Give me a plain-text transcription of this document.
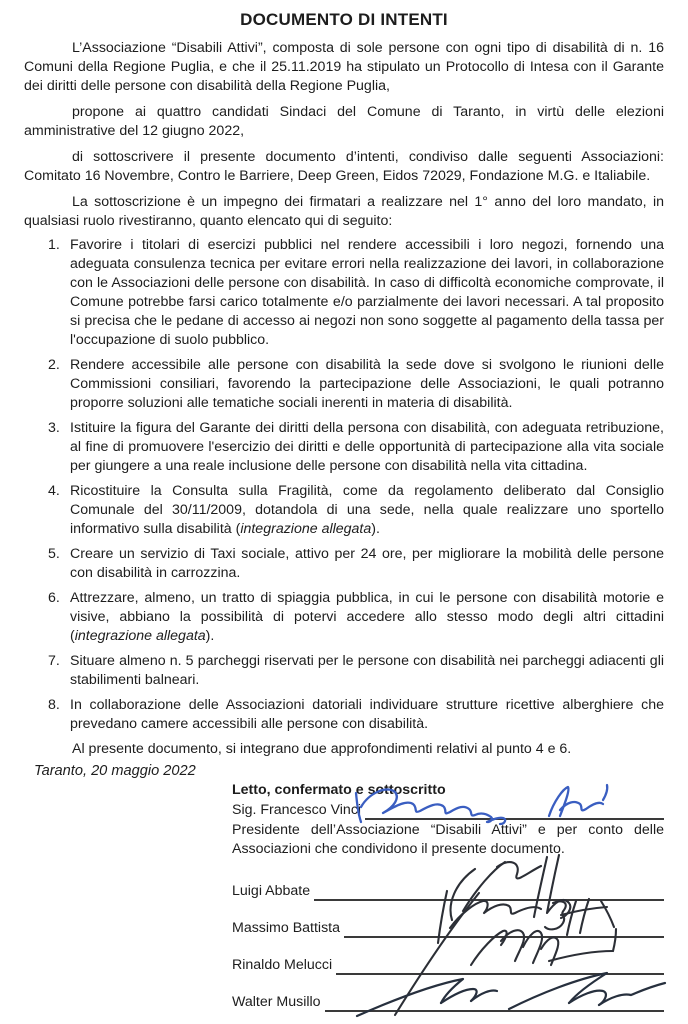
DOCUMENTO DI INTENTI

L’Associazione “Disabili Attivi”, composta di sole persone con ogni tipo di disabilità di n. 16 Comuni della Regione Puglia, e che il 25.11.2019 ha stipulato un Protocollo di Intesa con il Garante dei diritti delle persone con disabilità della Regione Puglia,

propone ai quattro candidati Sindaci del Comune di Taranto, in virtù delle elezioni amministrative del 12 giugno 2022,

di sottoscrivere il presente documento d’intenti, condiviso dalle seguenti Associazioni: Comitato 16 Novembre, Contro le Barriere, Deep Green, Eidos 72029, Fondazione M.G. e Italiabile.

La sottoscrizione è un impegno dei firmatari a realizzare nel 1° anno del loro mandato, in qualsiasi ruolo rivestiranno, quanto elencato qui di seguito:

1. Favorire i titolari di esercizi pubblici nel rendere accessibili i loro negozi, fornendo una adeguata consulenza tecnica per evitare errori nella realizzazione dei lavori, in collaborazione con le Associazioni delle persone con disabilità. In caso di difficoltà economiche comprovate, il Comune potrebbe farsi carico totalmente e/o parzialmente dei lavori necessari. A tal proposito si precisa che le pedane di accesso ai negozi non sono soggette al pagamento della tassa per l'occupazione di suolo pubblico.
2. Rendere accessibile alle persone con disabilità la sede dove si svolgono le riunioni delle Commissioni consiliari, favorendo la partecipazione delle Associazioni, le quali potranno proporre soluzioni alle tematiche sociali inerenti in materia di disabilità.
3. Istituire la figura del Garante dei diritti della persona con disabilità, con adeguata retribuzione, al fine di promuovere l'esercizio dei diritti e delle opportunità di partecipazione alla vita sociale per giungere a una reale inclusione delle persone con disabilità nella vita cittadina.
4. Ricostituire la Consulta sulla Fragilità, come da regolamento deliberato dal Consiglio Comunale del 30/11/2009, dotandola di una sede, nella quale realizzare uno sportello informativo sulla disabilità (integrazione allegata).
5. Creare un servizio di Taxi sociale, attivo per 24 ore, per migliorare la mobilità delle persone con disabilità in carrozzina.
6. Attrezzare, almeno, un tratto di spiaggia pubblica, in cui le persone con disabilità motorie e visive, abbiano la possibilità di potervi accedere allo stesso modo degli altri cittadini (integrazione allegata).
7. Situare almeno n. 5 parcheggi riservati per le persone con disabilità nei parcheggi adiacenti gli stabilimenti balneari.
8. In collaborazione delle Associazioni datoriali individuare strutture ricettive alberghiere che prevedano camere accessibili alle persone con disabilità.

Al presente documento, si integrano due approfondimenti relativi al punto 4 e 6.

Taranto, 20 maggio 2022

Letto, confermato e sottoscritto

Sig. Francesco Vinci

Presidente dell’Associazione “Disabili Attivi” e per conto delle Associazioni che condividono il presente documento.

Luigi Abbate
Massimo Battista
Rinaldo Melucci
Walter Musillo
